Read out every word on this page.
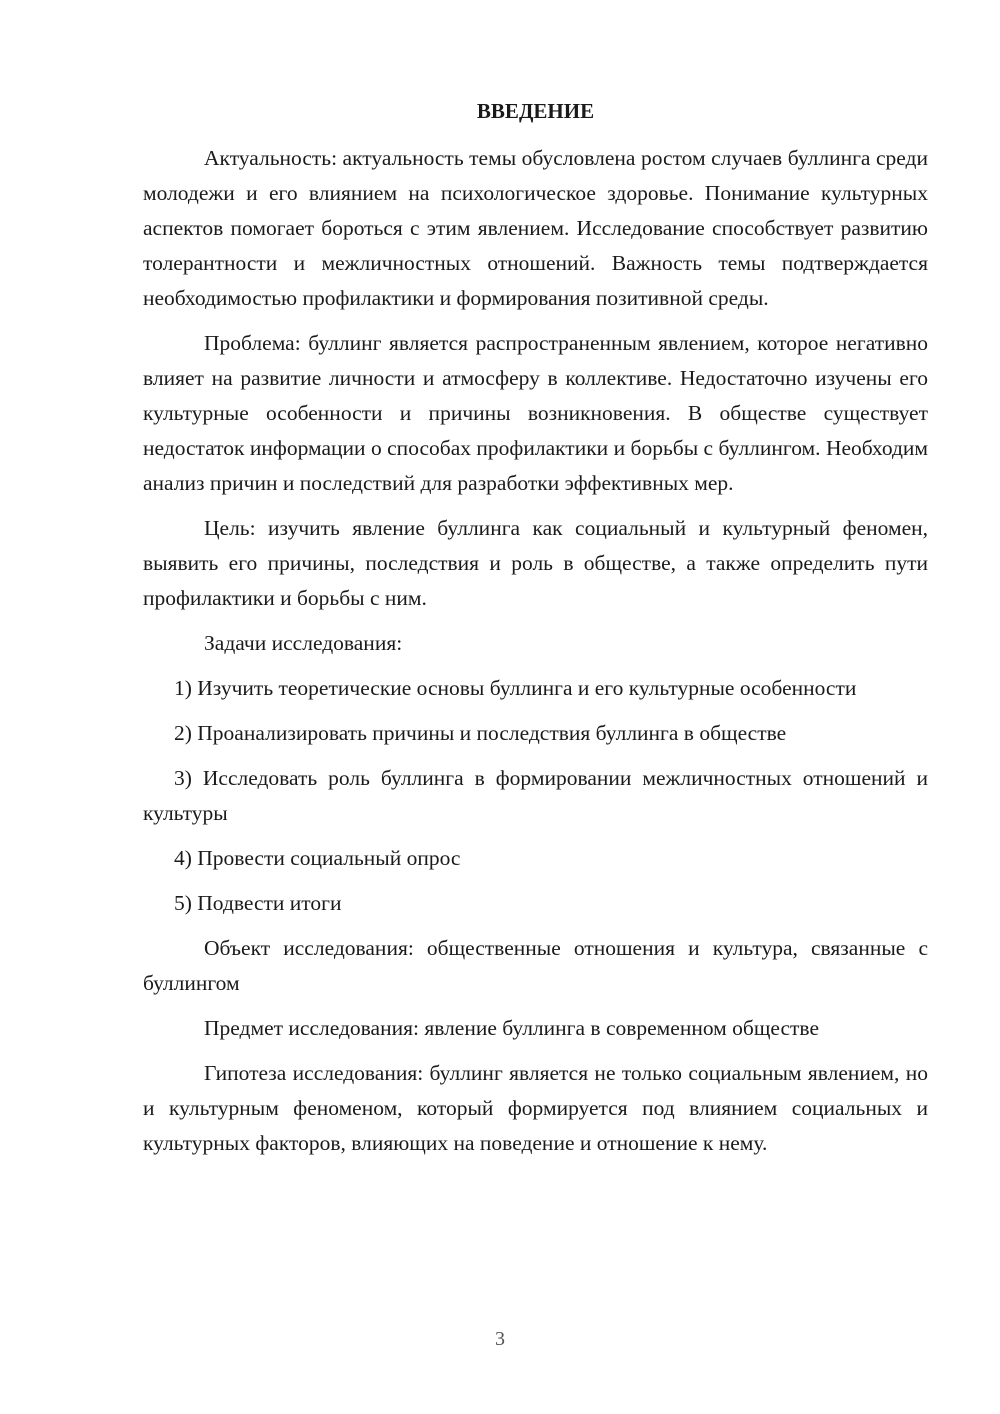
ВВЕДЕНИЕ

Актуальность: актуальность темы обусловлена ростом случаев буллинга среди молодежи и его влиянием на психологическое здоровье. Понимание культурных аспектов помогает бороться с этим явлением. Исследование способствует развитию толерантности и межличностных отношений. Важность темы подтверждается необходимостью профилактики и формирования позитивной среды.

Проблема: буллинг является распространенным явлением, которое негативно влияет на развитие личности и атмосферу в коллективе. Недостаточно изучены его культурные особенности и причины возникновения. В обществе существует недостаток информации о способах профилактики и борьбы с буллингом. Необходим анализ причин и последствий для разработки эффективных мер.

Цель: изучить явление буллинга как социальный и культурный феномен, выявить его причины, последствия и роль в обществе, а также определить пути профилактики и борьбы с ним.

Задачи исследования:

1) Изучить теоретические основы буллинга и его культурные особенности

2) Проанализировать причины и последствия буллинга в обществе

3) Исследовать роль буллинга в формировании межличностных отношений и культуры

4) Провести социальный опрос

5) Подвести итоги

Объект исследования: общественные отношения и культура, связанные с буллингом

Предмет исследования: явление буллинга в современном обществе

Гипотеза исследования: буллинг является не только социальным явлением, но и культурным феноменом, который формируется под влиянием социальных и культурных факторов, влияющих на поведение и отношение к нему.

3
